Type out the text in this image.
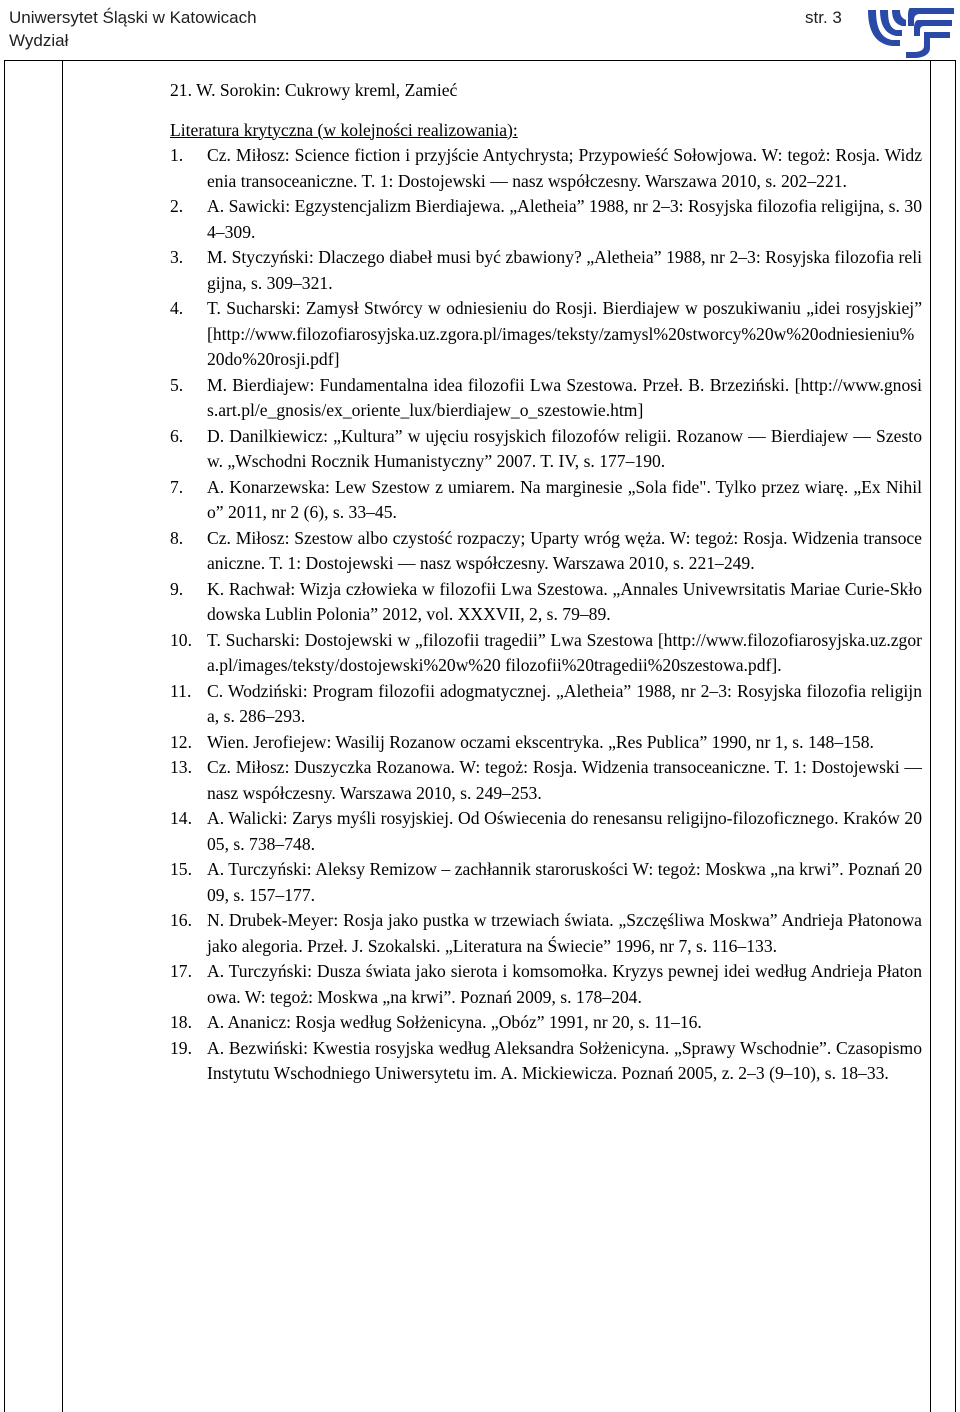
Uniwersytet Śląski w Katowicach
Wydział
str. 3

21. W. Sorokin: Cukrowy kreml, Zamieć

Literatura krytyczna (w kolejności realizowania):

1.	Cz. Miłosz: Science fiction i przyjście Antychrysta; Przypowieść Sołowjowa. W: tegoż: Rosja. Widzenia transoceaniczne. T. 1: Dostojewski — nasz współczesny. Warszawa 2010, s. 202–221.
2.	A. Sawicki: Egzystencjalizm Bierdiajewa. „Aletheia” 1988, nr 2–3: Rosyjska filozofia religijna, s. 304–309.
3.	M. Styczyński: Dlaczego diabeł musi być zbawiony? „Aletheia” 1988, nr 2–3: Rosyjska filozofia religijna, s. 309–321.
4.	T. Sucharski: Zamysł Stwórcy w odniesieniu do Rosji. Bierdiajew w poszukiwaniu „idei rosyjskiej” [http://www.filozofiarosyjska.uz.zgora.pl/images/teksty/zamysl%20stworcy%20w%20odniesieniu%20do%20rosji.pdf]
5.	M. Bierdiajew: Fundamentalna idea filozofii Lwa Szestowa. Przeł. B. Brzeziński. [http://www.gnosis.art.pl/e_gnosis/ex_oriente_lux/bierdiajew_o_szestowie.htm]
6.	D. Danilkiewicz: „Kultura” w ujęciu rosyjskich filozofów religii. Rozanow — Bierdiajew — Szestow. „Wschodni Rocznik Humanistyczny” 2007. T. IV, s. 177–190.
7.	A. Konarzewska: Lew Szestow z umiarem. Na marginesie „Sola fide". Tylko przez wiarę. „Ex Nihilo” 2011, nr 2 (6), s. 33–45.
8.	Cz. Miłosz: Szestow albo czystość rozpaczy; Uparty wróg węża. W: tegoż: Rosja. Widzenia transoceaniczne. T. 1: Dostojewski — nasz współczesny. Warszawa 2010, s. 221–249.
9.	K. Rachwał: Wizja człowieka w filozofii Lwa Szestowa. „Annales Univewrsitatis Mariae Curie-Skłodowska Lublin Polonia” 2012, vol. XXXVII, 2, s. 79–89.
10. T. Sucharski: Dostojewski w „filozofii tragedii” Lwa Szestowa [http://www.filozofiarosyjska.uz.zgora.pl/images/teksty/dostojewski%20w%20 filozofii%20tragedii%20szestowa.pdf].
11. C. Wodziński: Program filozofii adogmatycznej. „Aletheia” 1988, nr 2–3: Rosyjska filozofia religijna, s. 286–293.
12. Wien. Jerofiejew: Wasilij Rozanow oczami ekscentryka. „Res Publica” 1990, nr 1, s. 148–158.
13. Cz. Miłosz: Duszyczka Rozanowa. W: tegoż: Rosja. Widzenia transoceaniczne. T. 1: Dostojewski — nasz współczesny. Warszawa 2010, s. 249–253.
14. A. Walicki: Zarys myśli rosyjskiej. Od Oświecenia do renesansu religijno-filozoficznego. Kraków 2005, s. 738–748.
15. A. Turczyński: Aleksy Remizow – zachłannik staroruskości W: tegoż: Moskwa „na krwi”. Poznań 2009, s. 157–177.
16. N. Drubek-Meyer: Rosja jako pustka w trzewiach świata. „Szczęśliwa Moskwa” Andrieja Płatonowa jako alegoria. Przeł. J. Szokalski. „Literatura na Świecie” 1996, nr 7, s. 116–133.
17. A. Turczyński: Dusza świata jako sierota i komsomołka. Kryzys pewnej idei według Andrieja Płatonowa. W: tegoż: Moskwa „na krwi”. Poznań 2009, s. 178–204.
18. A. Ananicz: Rosja według Sołżenicyna. „Obóz” 1991, nr 20, s. 11–16.
19. A. Bezwiński: Kwestia rosyjska według Aleksandra Sołżenicyna. „Sprawy Wschodnie”. Czasopismo Instytutu Wschodniego Uniwersytetu im. A. Mickiewicza. Poznań 2005, z. 2–3 (9–10), s. 18–33.
